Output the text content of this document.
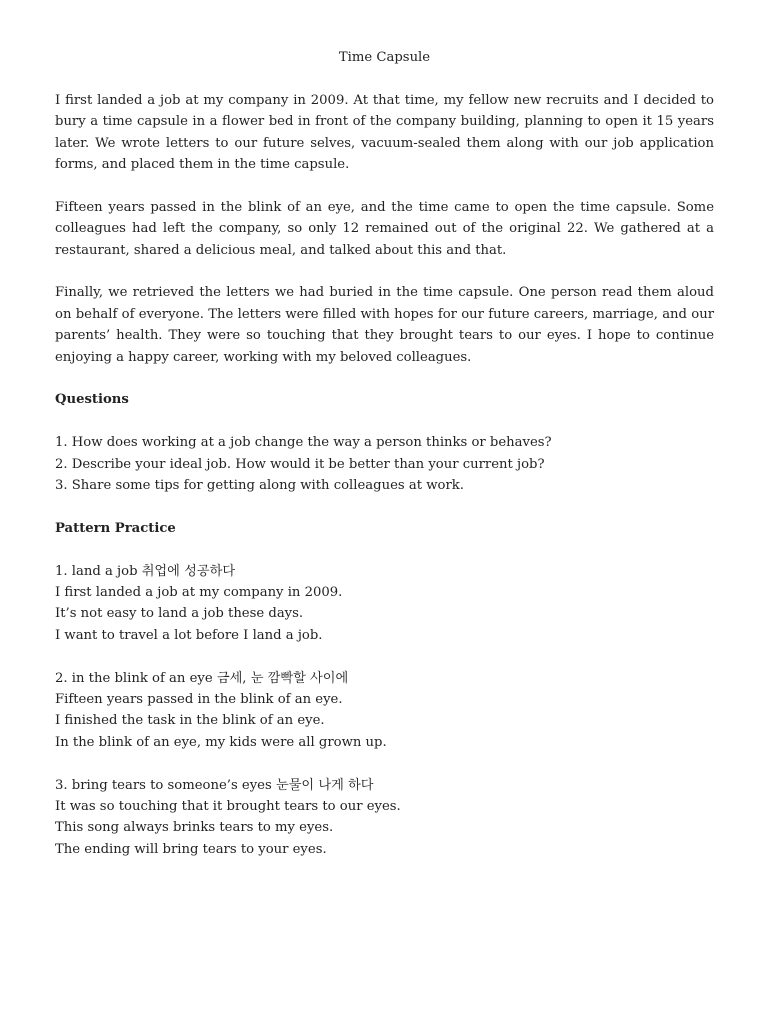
Time Capsule

I first landed a job at my company in 2009. At that time, my fellow new recruits and I decided to bury a time capsule in a flower bed in front of the company building, planning to open it 15 years later. We wrote letters to our future selves, vacuum-sealed them along with our job application forms, and placed them in the time capsule.

Fifteen years passed in the blink of an eye, and the time came to open the time capsule. Some colleagues had left the company, so only 12 remained out of the original 22. We gathered at a restaurant, shared a delicious meal, and talked about this and that.

Finally, we retrieved the letters we had buried in the time capsule. One person read them aloud on behalf of everyone. The letters were filled with hopes for our future careers, marriage, and our parents’ health. They were so touching that they brought tears to our eyes. I hope to continue enjoying a happy career, working with my beloved colleagues.

Questions
1. How does working at a job change the way a person thinks or behaves?
2. Describe your ideal job. How would it be better than your current job?
3. Share some tips for getting along with colleagues at work.
Pattern Practice
1. land a job 취업에 성공하다
I first landed a job at my company in 2009.
It’s not easy to land a job these days.
I want to travel a lot before I land a job.
2. in the blink of an eye 금세, 눈 깜빡할 사이에
Fifteen years passed in the blink of an eye.
I finished the task in the blink of an eye.
In the blink of an eye, my kids were all grown up.
3. bring tears to someone’s eyes 눈물이 나게 하다
It was so touching that it brought tears to our eyes.
This song always brinks tears to my eyes.
The ending will bring tears to your eyes.
